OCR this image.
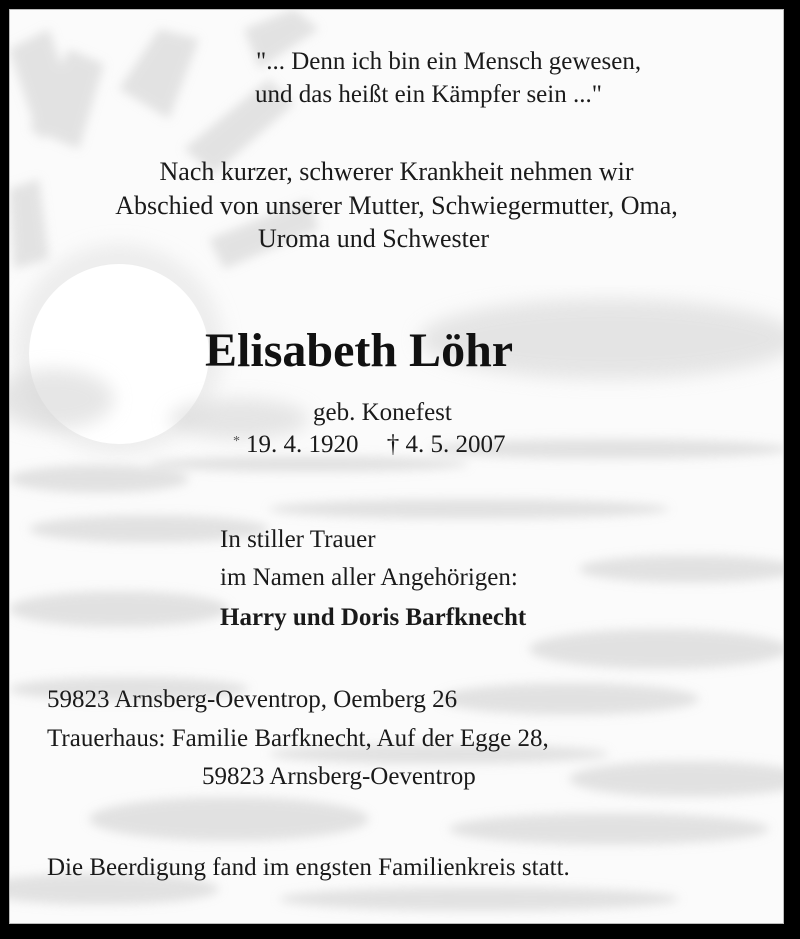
"... Denn ich bin ein Mensch gewesen,
und das heißt ein Kämpfer sein ..."
Nach kurzer, schwerer Krankheit nehmen wir
Abschied von unserer Mutter, Schwiegermutter, Oma,
Uroma und Schwester
Elisabeth Löhr
geb. Konefest
* 19. 4. 1920 † 4. 5. 2007
In stiller Trauer
im Namen aller Angehörigen:
Harry und Doris Barfknecht
59823 Arnsberg-Oeventrop, Oemberg 26
Trauerhaus: Familie Barfknecht, Auf der Egge 28,
59823 Arnsberg-Oeventrop
Die Beerdigung fand im engsten Familienkreis statt.
